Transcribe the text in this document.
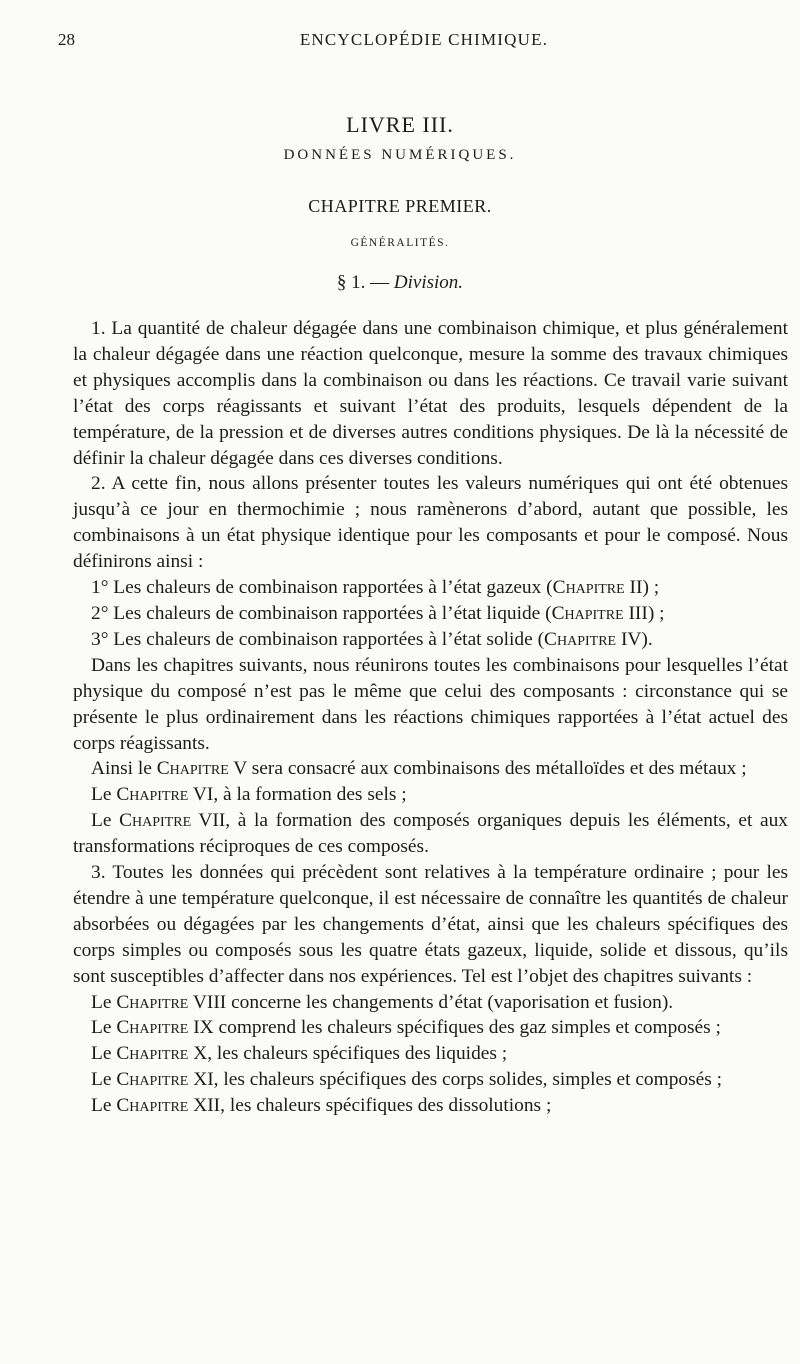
28	ENCYCLOPÉDIE CHIMIQUE.
LIVRE III.
DONNÉES NUMÉRIQUES.
CHAPITRE PREMIER.
GÉNÉRALITÉS.
§ 1. — Division.

1. La quantité de chaleur dégagée dans une combinaison chimique, et plus généralement la chaleur dégagée dans une réaction quelconque, mesure la somme des travaux chimiques et physiques accomplis dans la combinaison ou dans les réactions. Ce travail varie suivant l’état des corps réagissants et suivant l’état des produits, lesquels dépendent de la température, de la pression et de diverses autres conditions physiques. De là la nécessité de définir la chaleur dégagée dans ces diverses conditions.

2. A cette fin, nous allons présenter toutes les valeurs numériques qui ont été obtenues jusqu’à ce jour en thermochimie ; nous ramènerons d’abord, autant que possible, les combinaisons à un état physique identique pour les composants et pour le composé. Nous définirons ainsi :

1° Les chaleurs de combinaison rapportées à l’état gazeux (Chapitre II) ;

2° Les chaleurs de combinaison rapportées à l’état liquide (Chapitre III) ;

3° Les chaleurs de combinaison rapportées à l’état solide (Chapitre IV).

Dans les chapitres suivants, nous réunirons toutes les combinaisons pour lesquelles l’état physique du composé n’est pas le même que celui des composants : circonstance qui se présente le plus ordinairement dans les réactions chimiques rapportées à l’état actuel des corps réagissants.

Ainsi le Chapitre V sera consacré aux combinaisons des métalloïdes et des métaux ;

Le Chapitre VI, à la formation des sels ;

Le Chapitre VII, à la formation des composés organiques depuis les éléments, et aux transformations réciproques de ces composés.

3. Toutes les données qui précèdent sont relatives à la température ordinaire ; pour les étendre à une température quelconque, il est nécessaire de connaître les quantités de chaleur absorbées ou dégagées par les changements d’état, ainsi que les chaleurs spécifiques des corps simples ou composés sous les quatre états gazeux, liquide, solide et dissous, qu’ils sont susceptibles d’affecter dans nos expériences. Tel est l’objet des chapitres suivants :

Le Chapitre VIII concerne les changements d’état (vaporisation et fusion).

Le Chapitre IX comprend les chaleurs spécifiques des gaz simples et composés ;

Le Chapitre X, les chaleurs spécifiques des liquides ;

Le Chapitre XI, les chaleurs spécifiques des corps solides, simples et composés ;

Le Chapitre XII, les chaleurs spécifiques des dissolutions ;
